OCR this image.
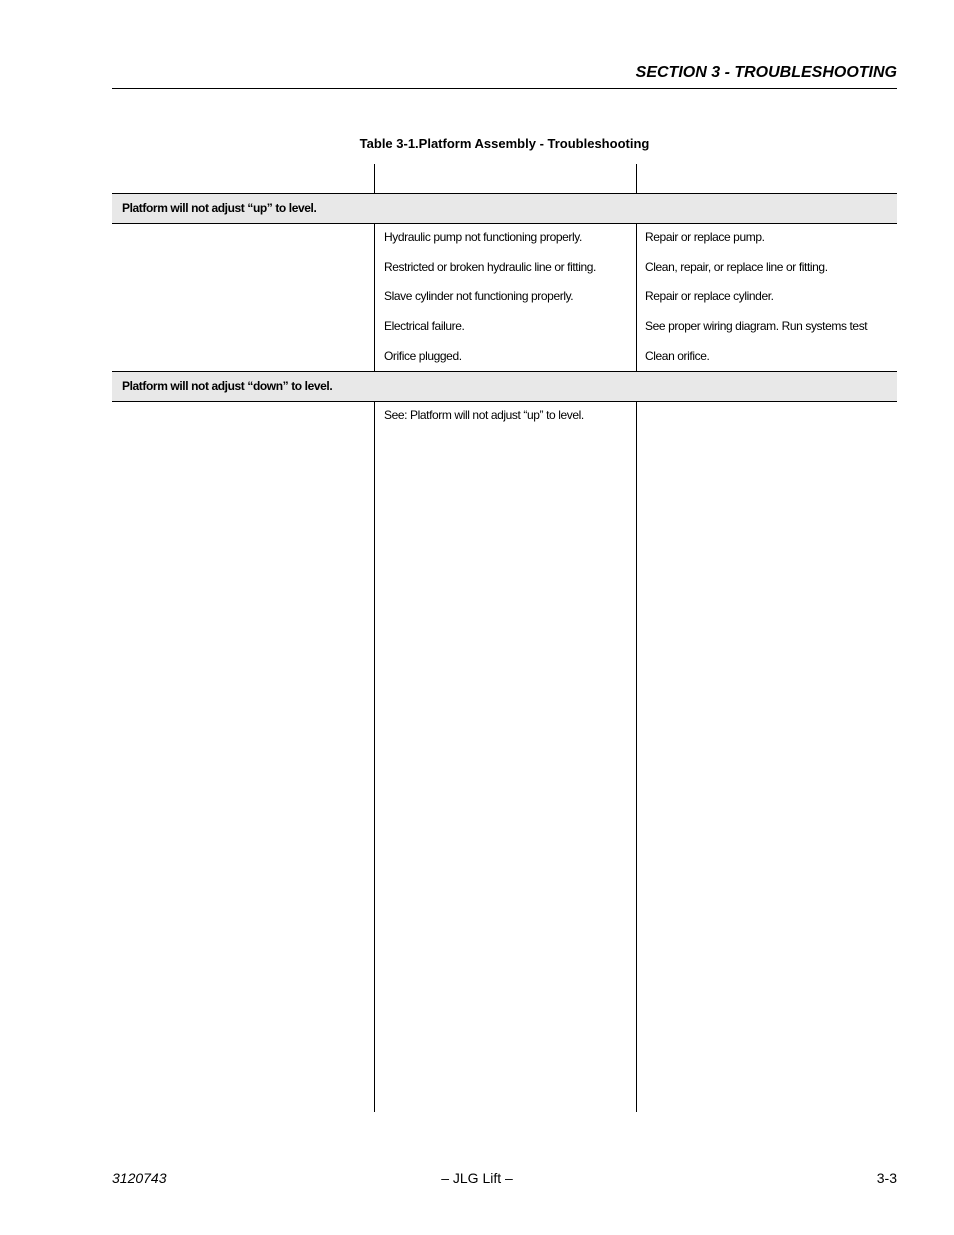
SECTION 3 - TROUBLESHOOTING
Table 3-1.Platform Assembly - Troubleshooting
Platform will not adjust “up” to level.
Hydraulic pump not functioning properly.	Repair or replace pump.
Restricted or broken hydraulic line or fitting.	Clean, repair, or replace line or fitting.
Slave cylinder not functioning properly.	Repair or replace cylinder.
Electrical failure.	See proper wiring diagram. Run systems test
Orifice plugged.	Clean orifice.
Platform will not adjust “down” to level.
See: Platform will not adjust “up” to level.
3120743	– JLG Lift –	3-3
